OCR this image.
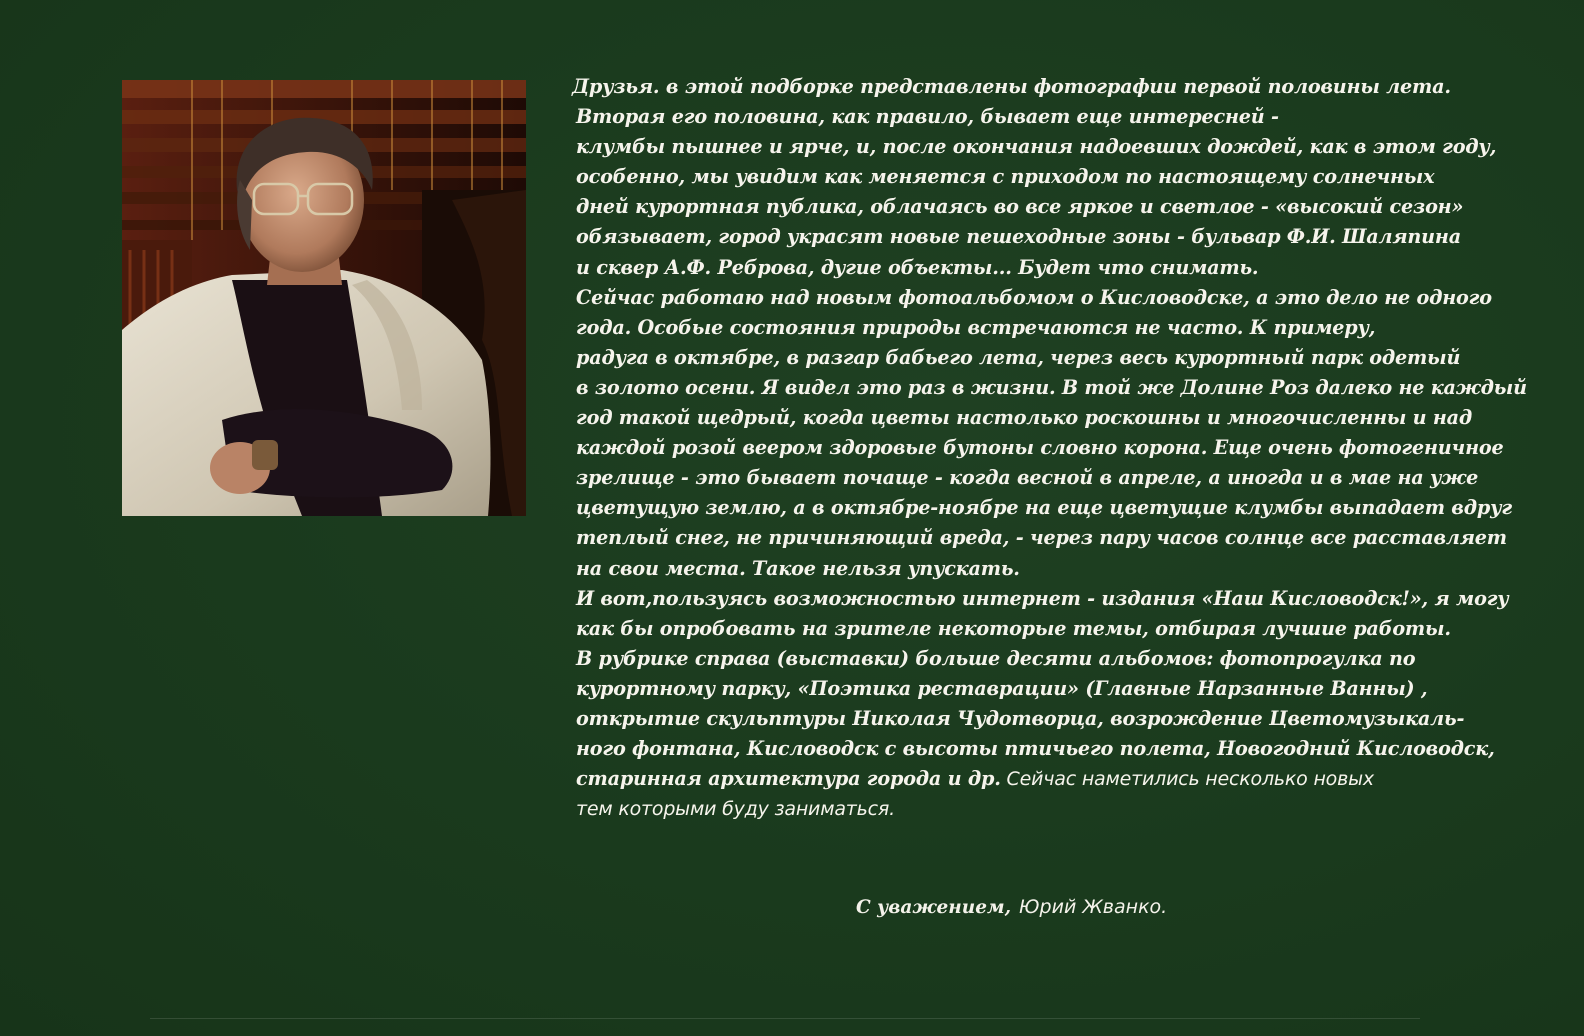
Друзья. в этой подборке представлены фотографии первой половины лета.
Вторая его половина, как правило, бывает еще интересней -
клумбы пышнее и ярче, и, после окончания надоевших дождей, как в этом году,
особенно, мы увидим как меняется с приходом по настоящему солнечных
дней курортная публика, облачаясь во все яркое и светлое - «высокий сезон»
обязывает, город украсят новые пешеходные зоны - бульвар Ф.И. Шаляпина
и сквер А.Ф. Реброва, дугие объекты... Будет что снимать.
Сейчас работаю над новым фотоальбомом о Кисловодске, а это дело не одного
года. Особые состояния природы встречаются не часто. К примеру,
радуга в октябре, в разгар бабьего лета, через весь курортный парк одетый
в золото осени. Я видел это раз в жизни. В той же Долине Роз далеко не каждый
год такой щедрый, когда цветы настолько роскошны и многочисленны и над
каждой розой веером здоровые бутоны словно корона. Еще очень фотогеничное
зрелище - это бывает почаще - когда весной в апреле, а иногда и в мае на уже
цветущую землю, а в октябре-ноябре на еще цветущие клумбы выпадает вдруг
теплый снег, не причиняющий вреда, - через пару часов солнце все расставляет
на свои места. Такое нельзя упускать.
И вот,пользуясь возможностью интернет - издания «Наш Кисловодск!», я могу
как бы опробовать на зрителе некоторые темы, отбирая лучшие работы.
В рубрике справа (выставки) больше десяти альбомов: фотопрогулка по
курортному парку, «Поэтика реставрации» (Главные Нарзанные Ванны) ,
открытие скульптуры Николая Чудотворца, возрождение Цветомузыкаль-
ного фонтана, Кисловодск с высоты птичьего полета, Новогодний Кисловодск,
старинная архитектура города и др. Сейчас наметились несколько новых
тем которыми буду заниматься.
С уважением, Юрий Жванко.
